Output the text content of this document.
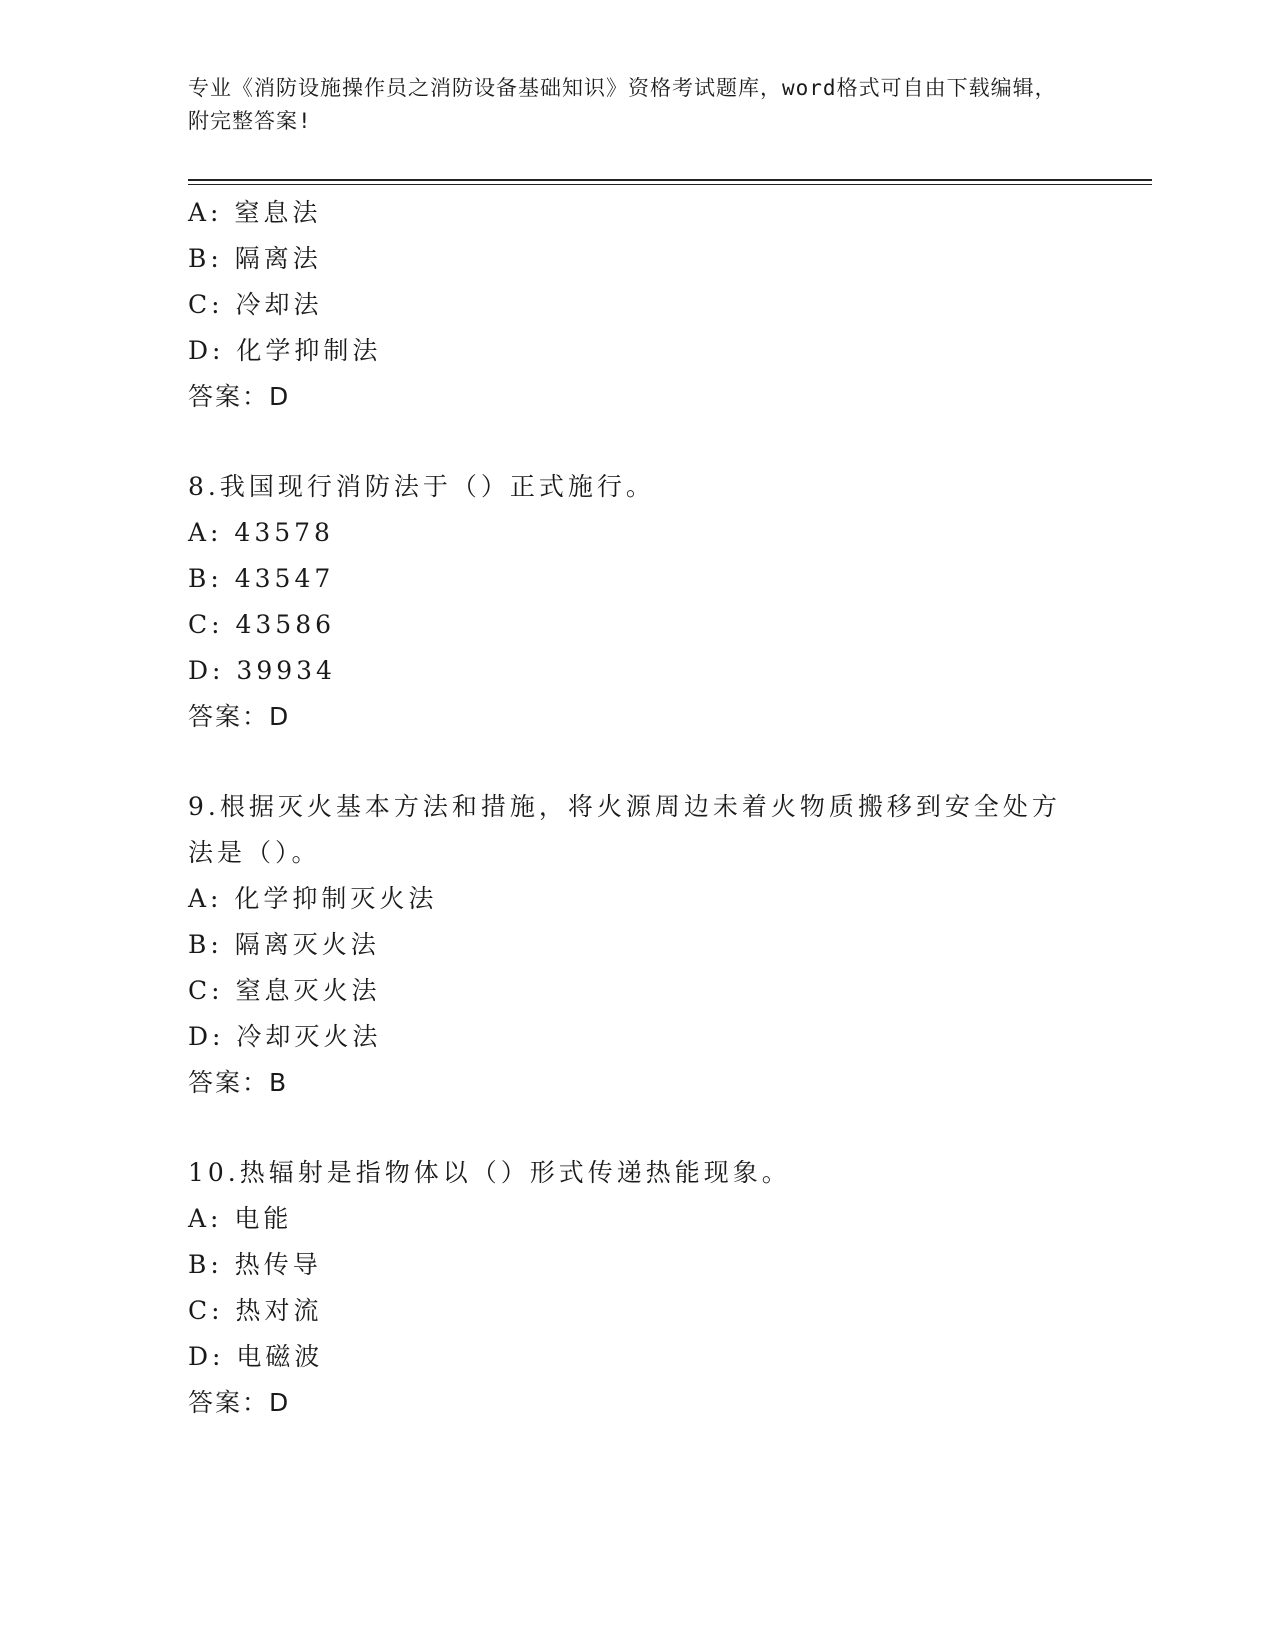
专业《消防设施操作员之消防设备基础知识》资格考试题库，word格式可自由下载编辑，附完整答案!
A: 窒息法
B: 隔离法
C: 冷却法
D: 化学抑制法
答案：D
8.我国现行消防法于（）正式施行。
A: 43578
B: 43547
C: 43586
D: 39934
答案：D
9.根据灭火基本方法和措施，将火源周边未着火物质搬移到安全处方法是（）。
A: 化学抑制灭火法
B: 隔离灭火法
C: 窒息灭火法
D: 冷却灭火法
答案：B
10.热辐射是指物体以（）形式传递热能现象。
A: 电能
B: 热传导
C: 热对流
D: 电磁波
答案：D
